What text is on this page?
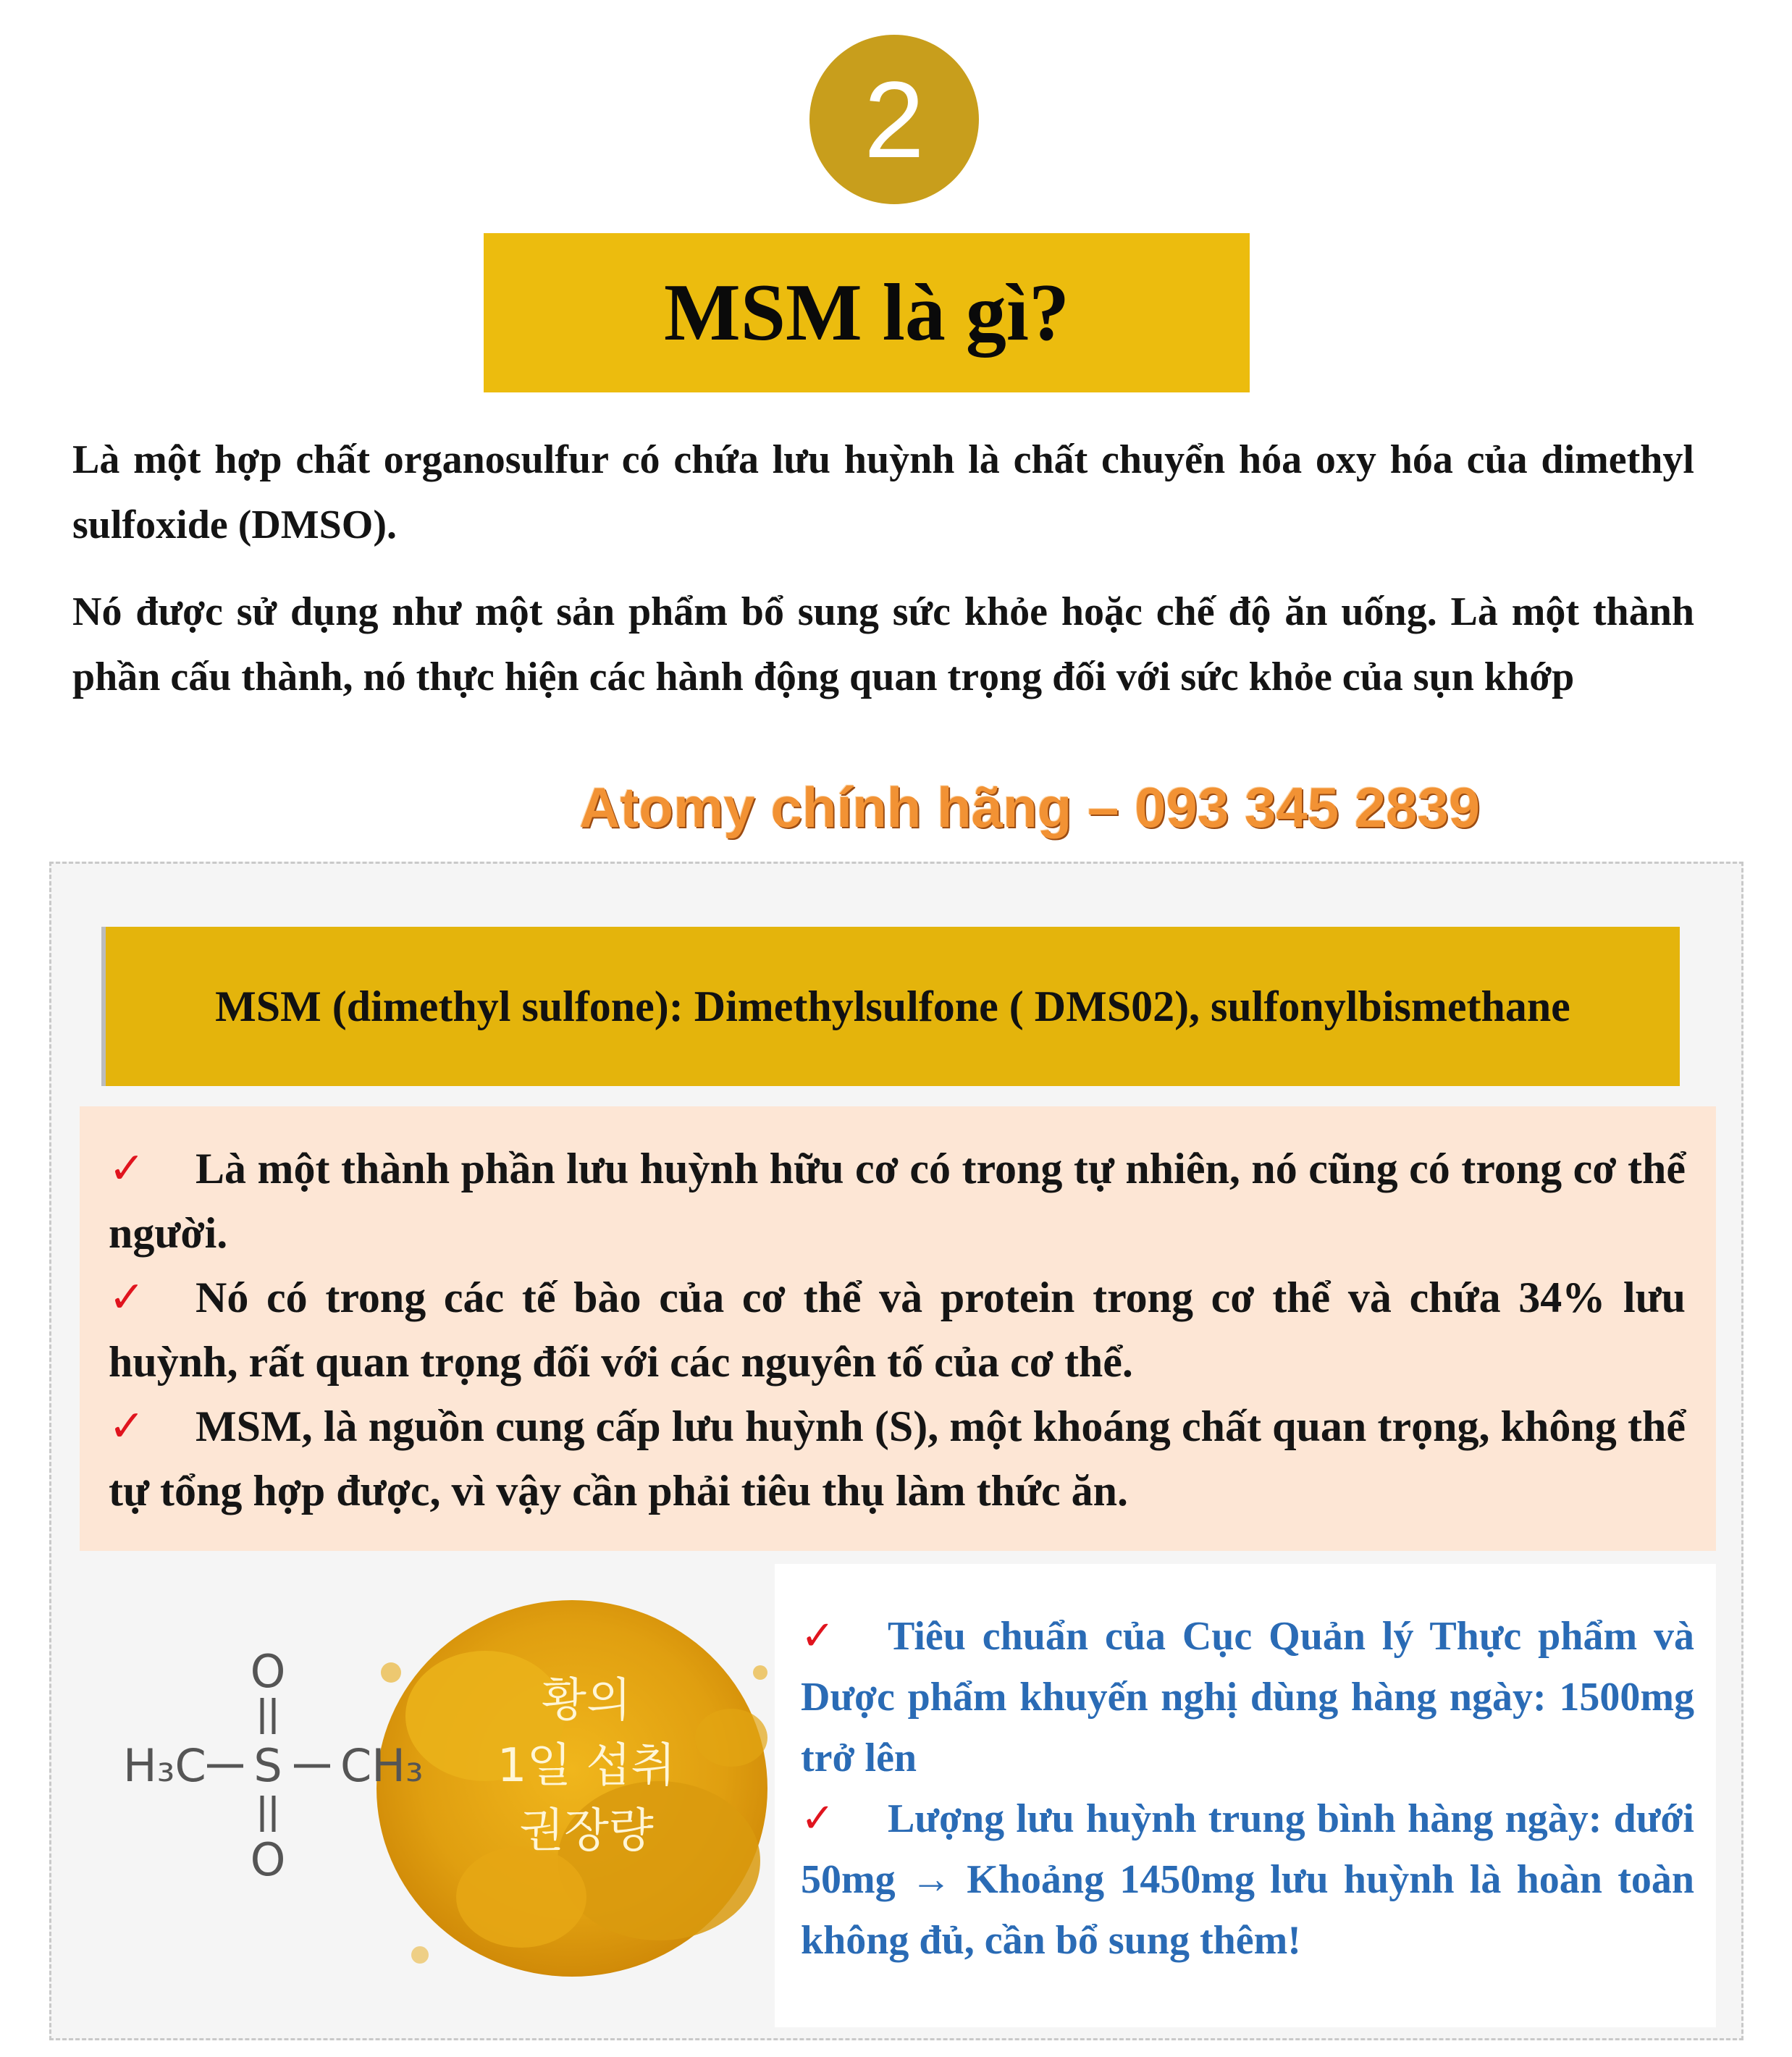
2
MSM là gì?

Là một hợp chất organosulfur có chứa lưu huỳnh là chất chuyển hóa oxy hóa của dimethyl sulfoxide (DMSO).

Nó được sử dụng như một sản phẩm bổ sung sức khỏe hoặc chế độ ăn uống. Là một thành phần cấu thành, nó thực hiện các hành động quan trọng đối với sức khỏe của sụn khớp

Atomy chính hãng – 093 345 2839

MSM (dimethyl sulfone): Dimethylsulfone ( DMS02), sulfonylbismethane

✓ Là một thành phần lưu huỳnh hữu cơ có trong tự nhiên, nó cũng có trong cơ thể người.

✓ Nó có trong các tế bào của cơ thể và protein trong cơ thể và chứa 34% lưu huỳnh, rất quan trọng đối với các nguyên tố của cơ thể.

✓ MSM, là nguồn cung cấp lưu huỳnh (S), một khoáng chất quan trọng, không thể tự tổng hợp được, vì vậy cần phải tiêu thụ làm thức ăn.

황의
1일 섭취
권장량
O
O
H₃C S CH₃

✓ Tiêu chuẩn của Cục Quản lý Thực phẩm và Dược phẩm khuyến nghị dùng hàng ngày: 1500mg trở lên

✓ Lượng lưu huỳnh trung bình hàng ngày: dưới 50mg → Khoảng 1450mg lưu huỳnh là hoàn toàn không đủ, cần bổ sung thêm!
